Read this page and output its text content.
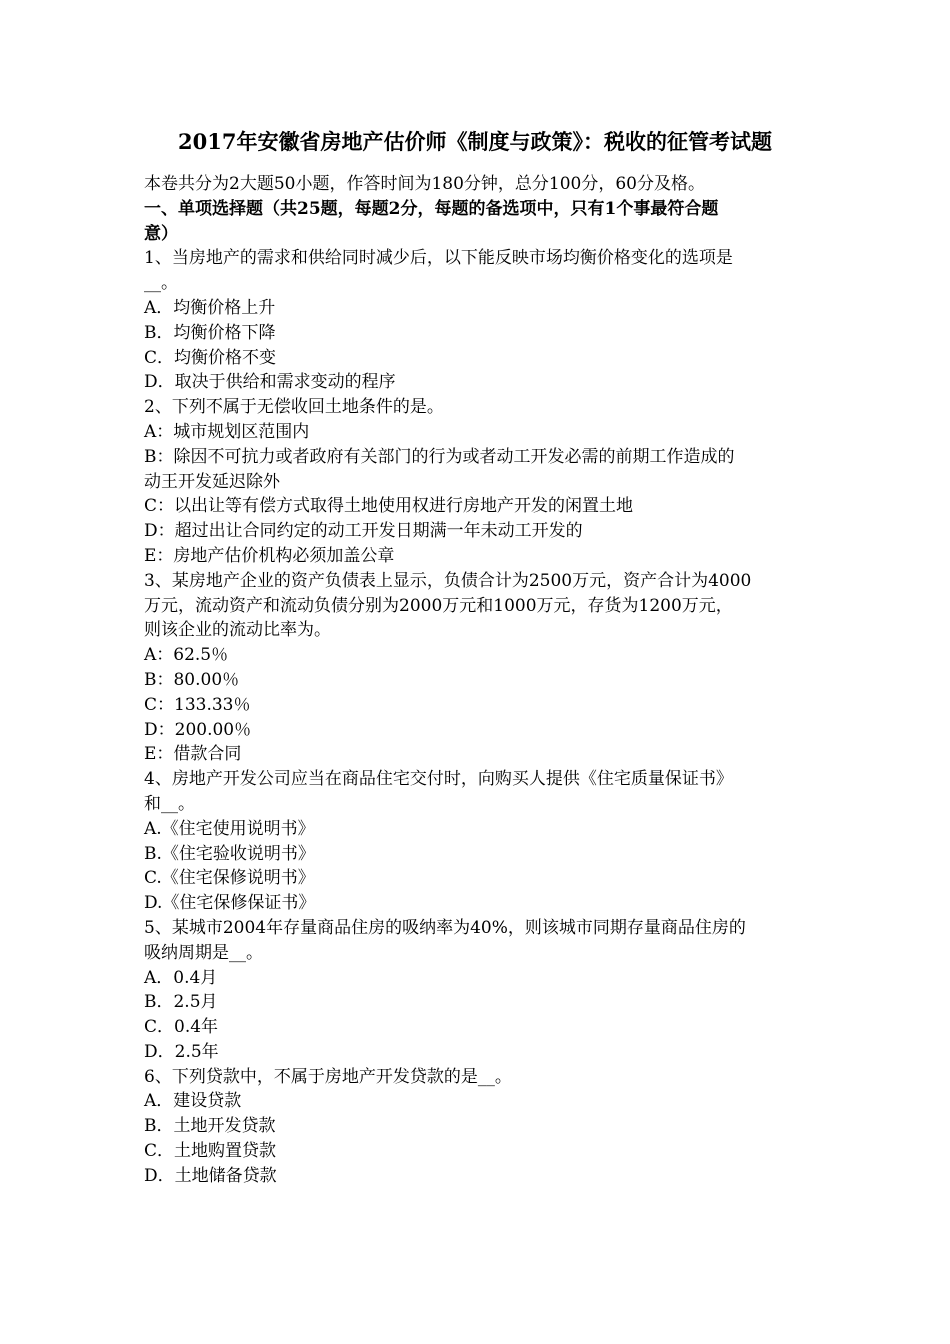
2017年安徽省房地产估价师《制度与政策》：税收的征管考试题
本卷共分为2大题50小题，作答时间为180分钟，总分100分，60分及格。
一、单项选择题（共25题，每题2分，每题的备选项中，只有1个事最符合题
意）
1、当房地产的需求和供给同时减少后，以下能反映市场均衡价格变化的选项是
__。
A．均衡价格上升
B．均衡价格下降
C．均衡价格不变
D．取决于供给和需求变动的程序
2、下列不属于无偿收回土地条件的是。
A：城市规划区范围内
B：除因不可抗力或者政府有关部门的行为或者动工开发必需的前期工作造成的
动王开发延迟除外
C：以出让等有偿方式取得土地使用权进行房地产开发的闲置土地
D：超过出让合同约定的动工开发日期满一年未动工开发的
E：房地产估价机构必须加盖公章
3、某房地产企业的资产负债表上显示，负债合计为2500万元，资产合计为4000
万元，流动资产和流动负债分别为2000万元和1000万元，存货为1200万元，
则该企业的流动比率为。
A：62.5％
B：80.00％
C：133.33％
D：200.00％
E：借款合同
4、房地产开发公司应当在商品住宅交付时，向购买人提供《住宅质量保证书》
和__。
A.《住宅使用说明书》
B.《住宅验收说明书》
C.《住宅保修说明书》
D.《住宅保修保证书》
5、某城市2004年存量商品住房的吸纳率为40%，则该城市同期存量商品住房的
吸纳周期是__。
A．0.4月
B．2.5月
C．0.4年
D．2.5年
6、下列贷款中，不属于房地产开发贷款的是__。
A．建设贷款
B．土地开发贷款
C．土地购置贷款
D．土地储备贷款
